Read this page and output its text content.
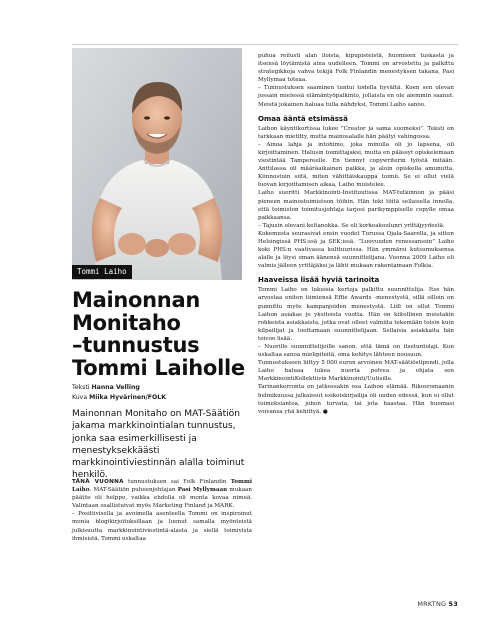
Tommi Laiho
Mainonnan
Monitaho
–tunnustus
Tommi Laiholle
Teksti Hanna Velling
Kuva Miika Hyvärinen/FOLK

Mainonnan Monitaho on MAT-Säätiön jakama markkinointialan tunnustus, jonka saa esimerkillisesti ja menestyksekkäästi markkinointiviestinnän alalla toiminut henkilö.

TÄNÄ VUONNA tunnustuksen sai Folk Finlandin Tommi Laiho. MAT-Säätiön puheenjohtajan Pasi Myllymaan mukaan päätös oli helppo, vaikka ehdolla oli monta kovaa nimeä. Valintaan osallistuivat myös Marketing Finland ja MARK.

– Positiivisella ja avoimella asenteella Tommi on inspiroinut monia blogikirjoituksillaan ja luonut samalla myönteistä julkisuutta markkinointiviestintä-alasta ja siellä toimivista ihmisistä. Tommi uskaltaa

puhua reilusti alan iloista, kipupisteistä, huomisen tuskasta ja itsensä löytämistä aina uudelleen. Tommi on arvostettu ja palkittu strategikkoja vahva tekijä Folk Finlandin menestyksen takana, Pasi Myllymaa toteaa.

– Tunnustuksen saaminen tuntui todella hyvältä. Koen sen olevan jossain mielessä elämäntyöpalkinto, jollaista en ole aiemmin saanut. Meistä jokainen haluaa tulla nähdyksi, Tommi Laiho sanoo.

Omaa ääntä etsimässä

Laihon käyntikortissa lukee ”Creator ja sama suomeksi”. Teksti on tarkkaan mietitty, mutta mainosalalle hän päätyi vahingossa.

– Ainoa lahja ja intohimo, joka minulla oli jo lapsena, oli kirjoittaminen. Halusin toimittajaksi, mutta en päässyt opiskelemaan viestintää Tampereelle. En tiennyt copywriterin työstä mitään. Anttilassa oli määräaikainen paikka, ja aloin opiskella amunutta. Kiinnostuin siitä, miten vähittäiskauppa toimii. Se ei ollut vielä luovan kirjoittamisen aikaa, Laiho muistelee.

Laiho suoritti Markkinointi-Instituutissa MAT-tutkinnon ja pääsi pieneen mainostoimistoon töihin. Hän teki töitä sellaisella innolla, että toimiston toimitusjohtaja tarjosi parikymppiselle copylle omaa paikkaansa.

– Tajusin olevani keltanokka. Se oli korkeakoulunri yrittäjyydestä.

Kokemusta seurasivat ensin vuodet Turussa Ojala-Saarella, ja sitten Helsingissä PHS:ssä ja SEK:issä. ”Luovuuden renessanssin” Laiho koki PHS:n vaativassa kulttuurissa. Hän ymmärsi kutsumuksensa alalle ja löysi oman äänensä suunnittelijana. Vuonna 2009 Laiho oli valmis jälleen yrittäjäksi ja lähti mukaan rakentamaan Folkia.

Haaveissa lisää hyviä tarinoita

Tommi Laiho on lukuisia kertoja palkittu suunnittelija. Itse hän arvostaa eniten tiimiensä Effie Awards -menestystä, sillä silloin on punnittu myös kampanjoiden menestystä. Lidl on ollut Tommi Laihon asiakas jo yksitoista vuotta. Hän on kiitollinen muistakin rohkeista asiakkaista, jotka ovat olleet valmiita tekemään toisin kuin kilpailijat ja luottamaan suunnittelijaan. Sellaisia asiakkaita hän toivoo lisää.

– Nuorille suunnittelijoille sanon, että tämä on itsetuntolaji. Kun uskaltaa sanoa mielipiteitä, oma kehitys lähteen nousuun.

Tunnustukseen liittyy 5 000 euron arvoinen MAT-säätiöstipendi, jolla Laiho haluaa tukea nuorta polvea ja ohjata sen MarkkinointiKollektiivin Markkinointi/Uutisille.

Tarinankerronta on jatkossakin osa Laihon elämää. Rikosromaanin helmikuussa julkaissut esikoiskirjailija oli uuden edessä, kun ei ollut toimeksiantoa, johon turvata, tai jota haastaa. Hän huomasi voivansa yhä kehittyä. ●

MRKTNG 53
